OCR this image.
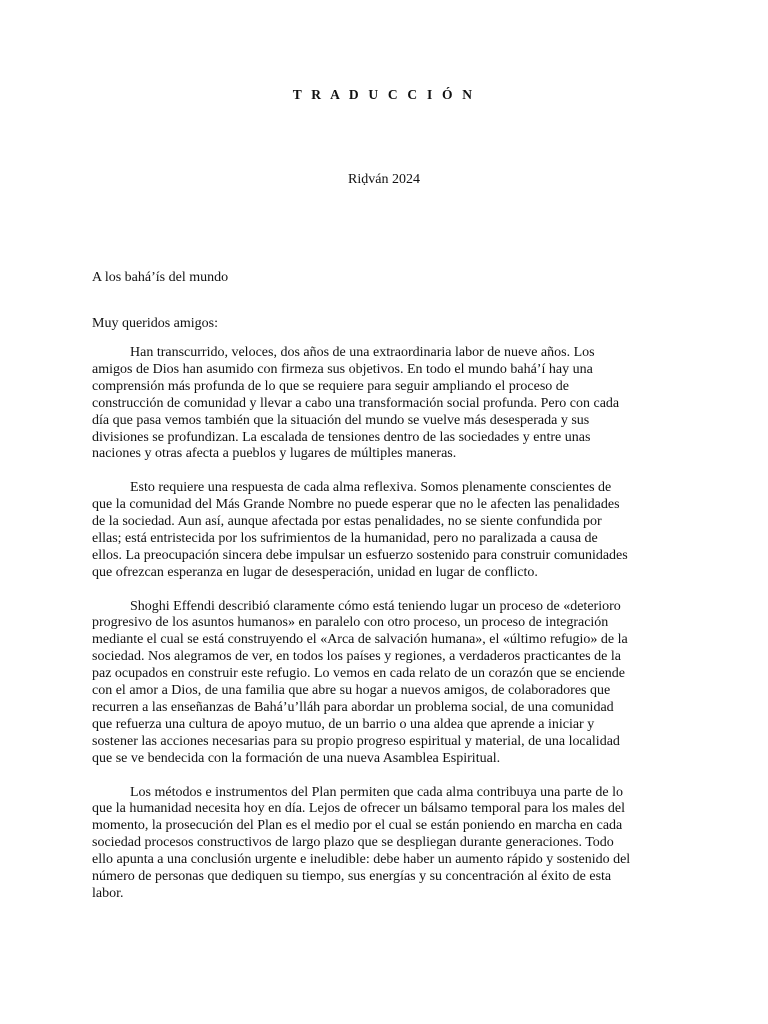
T R A D U C C I Ó N
Riḍván 2024
A los bahá’ís del mundo
Muy queridos amigos:

Han transcurrido, veloces, dos años de una extraordinaria labor de nueve años. Los
amigos de Dios han asumido con firmeza sus objetivos. En todo el mundo bahá’í hay una
comprensión más profunda de lo que se requiere para seguir ampliando el proceso de
construcción de comunidad y llevar a cabo una transformación social profunda. Pero con cada
día que pasa vemos también que la situación del mundo se vuelve más desesperada y sus
divisiones se profundizan. La escalada de tensiones dentro de las sociedades y entre unas
naciones y otras afecta a pueblos y lugares de múltiples maneras.

Esto requiere una respuesta de cada alma reflexiva. Somos plenamente conscientes de
que la comunidad del Más Grande Nombre no puede esperar que no le afecten las penalidades
de la sociedad. Aun así, aunque afectada por estas penalidades, no se siente confundida por
ellas; está entristecida por los sufrimientos de la humanidad, pero no paralizada a causa de
ellos. La preocupación sincera debe impulsar un esfuerzo sostenido para construir comunidades
que ofrezcan esperanza en lugar de desesperación, unidad en lugar de conflicto.

Shoghi Effendi describió claramente cómo está teniendo lugar un proceso de «deterioro
progresivo de los asuntos humanos» en paralelo con otro proceso, un proceso de integración
mediante el cual se está construyendo el «Arca de salvación humana», el «último refugio» de la
sociedad. Nos alegramos de ver, en todos los países y regiones, a verdaderos practicantes de la
paz ocupados en construir este refugio. Lo vemos en cada relato de un corazón que se enciende
con el amor a Dios, de una familia que abre su hogar a nuevos amigos, de colaboradores que
recurren a las enseñanzas de Bahá’u’lláh para abordar un problema social, de una comunidad
que refuerza una cultura de apoyo mutuo, de un barrio o una aldea que aprende a iniciar y
sostener las acciones necesarias para su propio progreso espiritual y material, de una localidad
que se ve bendecida con la formación de una nueva Asamblea Espiritual.

Los métodos e instrumentos del Plan permiten que cada alma contribuya una parte de lo
que la humanidad necesita hoy en día. Lejos de ofrecer un bálsamo temporal para los males del
momento, la prosecución del Plan es el medio por el cual se están poniendo en marcha en cada
sociedad procesos constructivos de largo plazo que se despliegan durante generaciones. Todo
ello apunta a una conclusión urgente e ineludible: debe haber un aumento rápido y sostenido del
número de personas que dediquen su tiempo, sus energías y su concentración al éxito de esta
labor.
